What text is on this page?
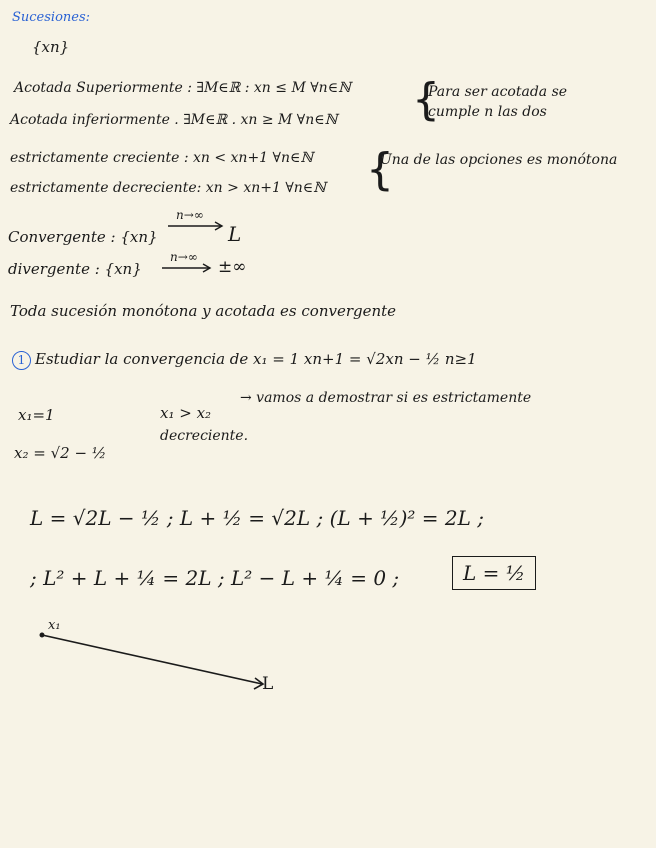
Sucesiones:
{xn}
Acotada Superiormente : ∃M∈ℝ : xn ≤ M ∀n∈ℕ
Acotada inferiormente . ∃M∈ℝ . xn ≥ M ∀n∈ℕ {
Para ser acotada se
cumple n las dos
estrictamente creciente : xn < xn+1 ∀n∈ℕ
estrictamente decreciente: xn > xn+1 ∀n∈ℕ {
Una de las opciones es monótona
Convergente : {xn}
n→∞
L
divergente : {xn}
n→∞ ±∞
Toda sucesión monótona y acotada es convergente
1 Estudiar la convergencia de x₁ = 1 xn+1 = √2xn − ½ n≥1
x₁=1
x₂ = √2 − ½
x₁ > x₂
→ vamos a demostrar si es estrictamente
decreciente.
L = √2L − ½ ; L + ½ = √2L ; (L + ½)² = 2L ;
; L² + L + ¼ = 2L ; L² − L + ¼ = 0 ;	L = ½
x₁
L
